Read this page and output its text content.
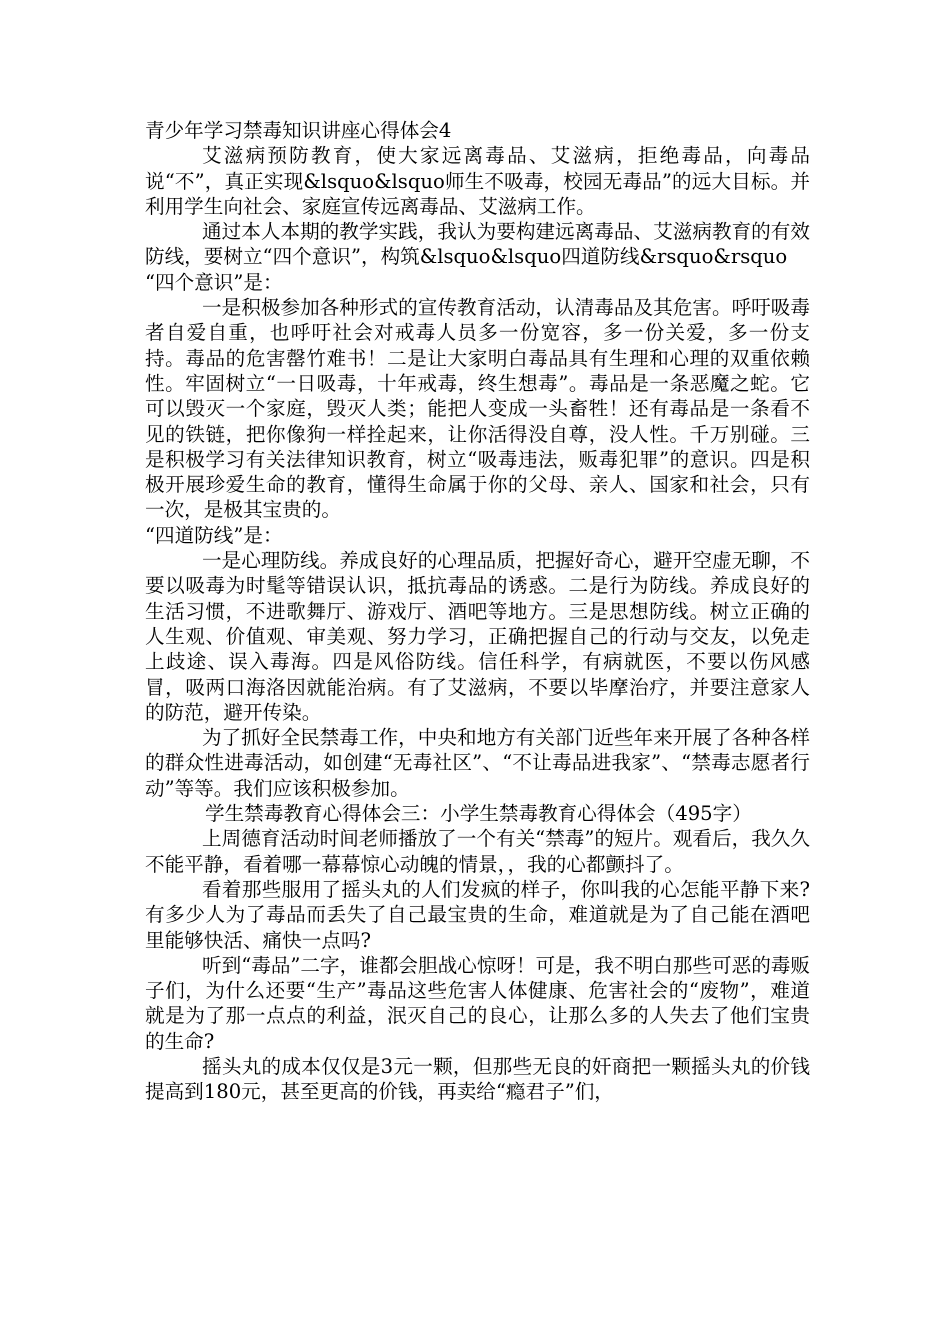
青少年学习禁毒知识讲座心得体会4

艾滋病预防教育，使大家远离毒品、艾滋病，拒绝毒品，向毒品说“不”，真正实现&lsquo&lsquo师生不吸毒，校园无毒品”的远大目标。并利用学生向社会、家庭宣传远离毒品、艾滋病工作。

通过本人本期的教学实践，我认为要构建远离毒品、艾滋病教育的有效防线，要树立“四个意识”，构筑&lsquo&lsquo四道防线&rsquo&rsquo

“四个意识”是：

一是积极参加各种形式的宣传教育活动，认清毒品及其危害。呼吁吸毒者自爱自重，也呼吁社会对戒毒人员多一份宽容，多一份关爱，多一份支持。毒品的危害罄竹难书！二是让大家明白毒品具有生理和心理的双重依赖性。牢固树立“一日吸毒，十年戒毒，终生想毒”。毒品是一条恶魔之蛇。它可以毁灭一个家庭，毁灭人类；能把人变成一头畜牲！还有毒品是一条看不见的铁链，把你像狗一样拴起来，让你活得没自尊，没人性。千万别碰。三是积极学习有关法律知识教育，树立“吸毒违法，贩毒犯罪”的意识。四是积极开展珍爱生命的教育，懂得生命属于你的父母、亲人、国家和社会，只有一次，是极其宝贵的。

“四道防线”是：

一是心理防线。养成良好的心理品质，把握好奇心，避开空虚无聊，不要以吸毒为时髦等错误认识，抵抗毒品的诱惑。二是行为防线。养成良好的生活习惯，不进歌舞厅、游戏厅、酒吧等地方。三是思想防线。树立正确的人生观、价值观、审美观、努力学习，正确把握自己的行动与交友，以免走上歧途、误入毒海。四是风俗防线。信任科学，有病就医，不要以伤风感冒，吸两口海洛因就能治病。有了艾滋病，不要以毕摩治疗，并要注意家人的防范，避开传染。

为了抓好全民禁毒工作，中央和地方有关部门近些年来开展了各种各样的群众性进毒活动，如创建“无毒社区”、“不让毒品进我家”、“禁毒志愿者行动”等等。我们应该积极参加。

学生禁毒教育心得体会三：小学生禁毒教育心得体会（495字）

上周德育活动时间老师播放了一个有关“禁毒”的短片。观看后，我久久不能平静，看着哪一幕幕惊心动魄的情景，，我的心都颤抖了。

看着那些服用了摇头丸的人们发疯的样子，你叫我的心怎能平静下来?有多少人为了毒品而丢失了自己最宝贵的生命，难道就是为了自己能在酒吧里能够快活、痛快一点吗?

听到“毒品”二字，谁都会胆战心惊呀！可是，我不明白那些可恶的毒贩子们，为什么还要“生产”毒品这些危害人体健康、危害社会的“废物”，难道就是为了那一点点的利益，泯灭自己的良心，让那么多的人失去了他们宝贵的生命?

摇头丸的成本仅仅是3元一颗，但那些无良的奸商把一颗摇头丸的价钱提高到180元，甚至更高的价钱，再卖给“瘾君子”们，
